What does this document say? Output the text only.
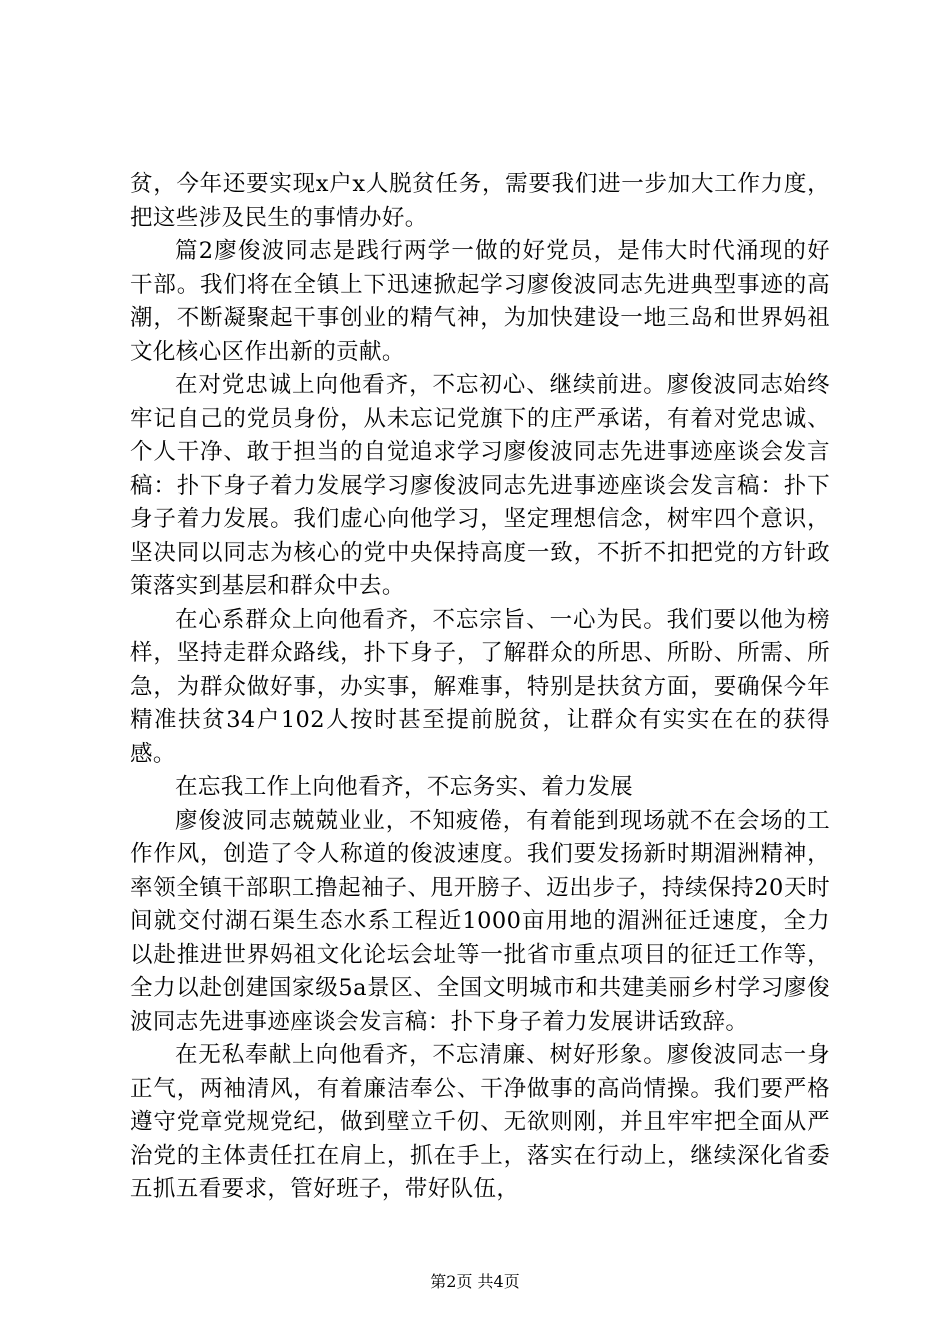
贫，今年还要实现x户x人脱贫任务，需要我们进一步加大工作力度，把这些涉及民生的事情办好。

篇2廖俊波同志是践行两学一做的好党员，是伟大时代涌现的好干部。我们将在全镇上下迅速掀起学习廖俊波同志先进典型事迹的高潮，不断凝聚起干事创业的精气神，为加快建设一地三岛和世界妈祖文化核心区作出新的贡献。

在对党忠诚上向他看齐，不忘初心、继续前进。廖俊波同志始终牢记自己的党员身份，从未忘记党旗下的庄严承诺，有着对党忠诚、个人干净、敢于担当的自觉追求学习廖俊波同志先进事迹座谈会发言稿：扑下身子着力发展学习廖俊波同志先进事迹座谈会发言稿：扑下身子着力发展。我们虚心向他学习，坚定理想信念，树牢四个意识，坚决同以同志为核心的党中央保持高度一致，不折不扣把党的方针政策落实到基层和群众中去。

在心系群众上向他看齐，不忘宗旨、一心为民。我们要以他为榜样，坚持走群众路线，扑下身子，了解群众的所思、所盼、所需、所急，为群众做好事，办实事，解难事，特别是扶贫方面，要确保今年精准扶贫34户102人按时甚至提前脱贫，让群众有实实在在的获得感。

在忘我工作上向他看齐，不忘务实、着力发展

廖俊波同志兢兢业业，不知疲倦，有着能到现场就不在会场的工作作风，创造了令人称道的俊波速度。我们要发扬新时期湄洲精神，率领全镇干部职工撸起袖子、甩开膀子、迈出步子，持续保持20天时间就交付湖石渠生态水系工程近1000亩用地的湄洲征迁速度，全力以赴推进世界妈祖文化论坛会址等一批省市重点项目的征迁工作等，全力以赴创建国家级5a景区、全国文明城市和共建美丽乡村学习廖俊波同志先进事迹座谈会发言稿：扑下身子着力发展讲话致辞。

在无私奉献上向他看齐，不忘清廉、树好形象。廖俊波同志一身正气，两袖清风，有着廉洁奉公、干净做事的高尚情操。我们要严格遵守党章党规党纪，做到壁立千仞、无欲则刚，并且牢牢把全面从严治党的主体责任扛在肩上，抓在手上，落实在行动上，继续深化省委五抓五看要求，管好班子，带好队伍，

第2页 共4页
